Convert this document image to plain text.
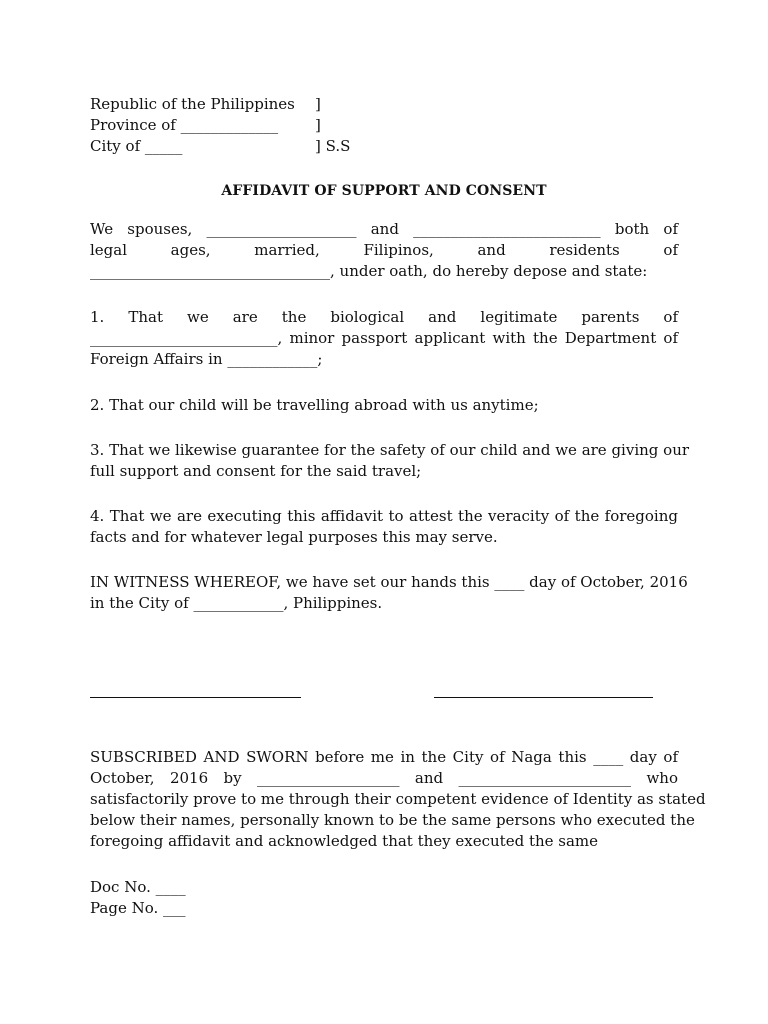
Republic of the Philippines	]
Province of _____________	]
City of _____	] S.S
AFFIDAVIT OF SUPPORT AND CONSENT
We spouses, ____________________ and _________________________ both of
legal ages, married, Filipinos, and residents of
________________________________, under oath, do hereby depose and state:
1. That we are the biological and legitimate parents of
_________________________, minor passport applicant with the Department of
Foreign Affairs in ____________;
2. That our child will be travelling abroad with us anytime;
3. That we likewise guarantee for the safety of our child and we are giving our
full support and consent for the said travel;
4. That we are executing this affidavit to attest the veracity of the foregoing
facts and for whatever legal purposes this may serve.
IN WITNESS WHEREOF, we have set our hands this ____ day of October, 2016
in the City of ____________, Philippines.
SUBSCRIBED AND SWORN before me in the City of Naga this ____ day of
October, 2016 by ___________________ and _______________________ who
satisfactorily prove to me through their competent evidence of Identity as stated
below their names, personally known to be the same persons who executed the
foregoing affidavit and acknowledged that they executed the same
Doc No. ____
Page No. ___
